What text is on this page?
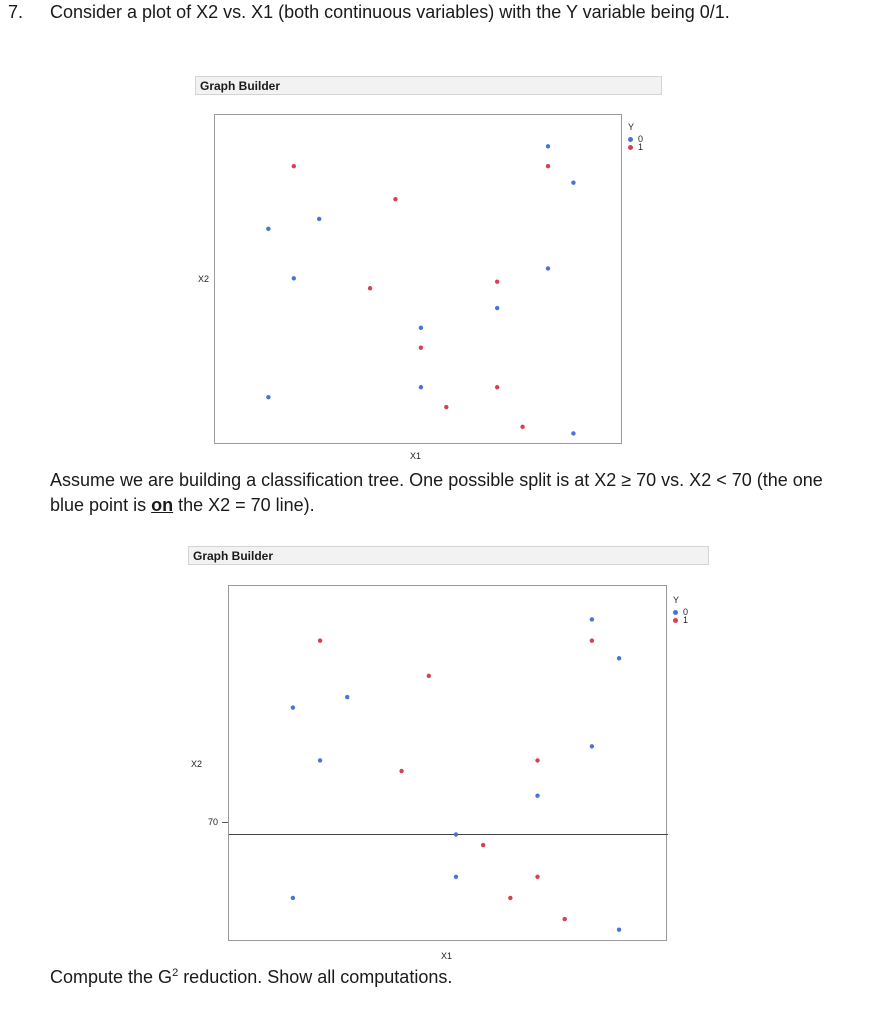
7. Consider a plot of X2 vs. X1 (both continuous variables) with the Y variable being 0/1.
Graph Builder
X2
X1
Y
0
1
Assume we are building a classification tree. One possible split is at X2 ≥ 70 vs. X2 < 70 (the one blue point is on the X2 = 70 line).
Graph Builder
X2
70
X1
Y
0
1
Compute the $G^2$ reduction. Show all computations.
